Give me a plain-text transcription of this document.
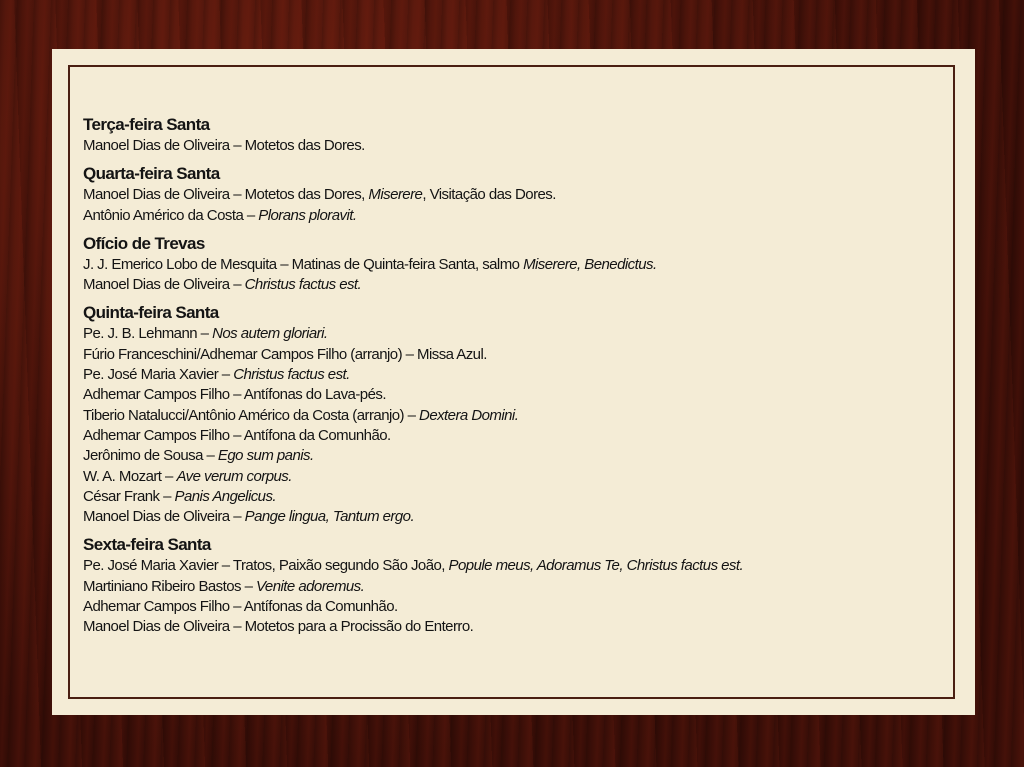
Terça-feira Santa
Manoel Dias de Oliveira – Motetos das Dores.
Quarta-feira Santa
Manoel Dias de Oliveira – Motetos das Dores, Miserere, Visitação das Dores.
Antônio Américo da Costa – Plorans ploravit.
Ofício de Trevas
J. J. Emerico Lobo de Mesquita – Matinas de Quinta-feira Santa, salmo Miserere, Benedictus.
Manoel Dias de Oliveira – Christus factus est.
Quinta-feira Santa
Pe. J. B. Lehmann – Nos autem gloriari.
Fúrio Franceschini/Adhemar Campos Filho (arranjo) – Missa Azul.
Pe. José Maria Xavier – Christus factus est.
Adhemar Campos Filho – Antífonas do Lava-pés.
Tiberio Natalucci/Antônio Américo da Costa (arranjo) – Dextera Domini.
Adhemar Campos Filho – Antífona da Comunhão.
Jerônimo de Sousa – Ego sum panis.
W. A. Mozart – Ave verum corpus.
César Frank – Panis Angelicus.
Manoel Dias de Oliveira – Pange lingua, Tantum ergo.
Sexta-feira Santa
Pe. José Maria Xavier – Tratos, Paixão segundo São João, Popule meus, Adoramus Te, Christus factus est.
Martiniano Ribeiro Bastos – Venite adoremus.
Adhemar Campos Filho – Antífonas da Comunhão.
Manoel Dias de Oliveira – Motetos para a Procissão do Enterro.
